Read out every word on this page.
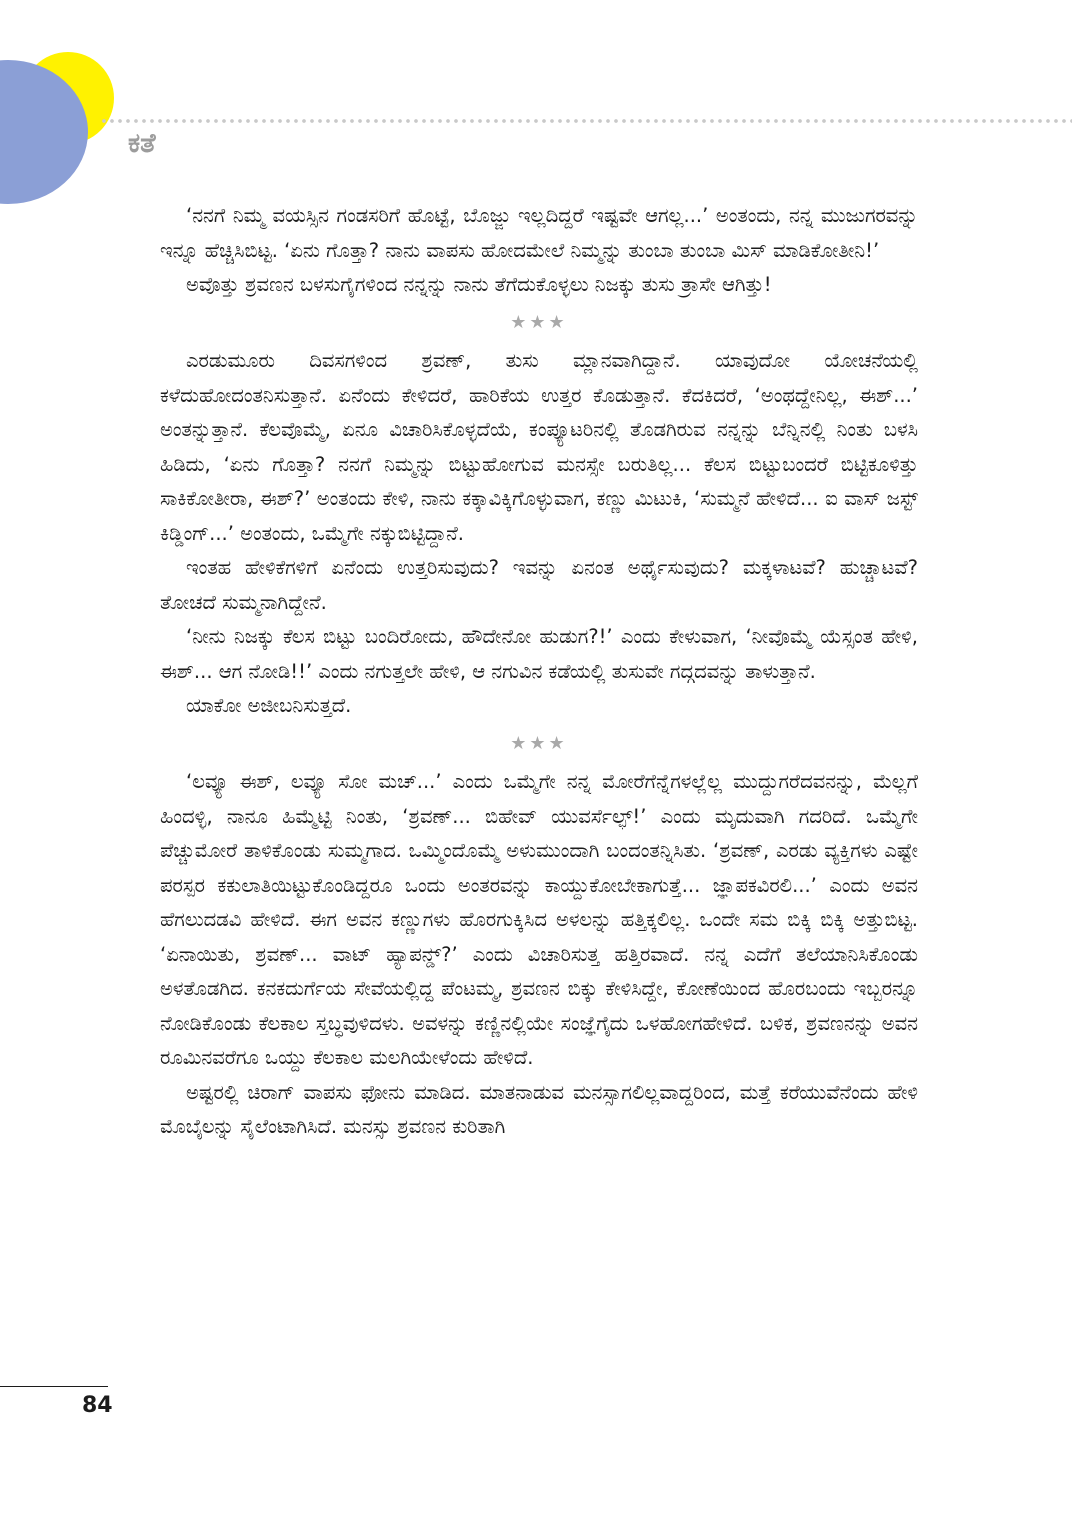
ಕತೆ

‘ನನಗೆ ನಿಮ್ಮ ವಯಸ್ಸಿನ ಗಂಡಸರಿಗೆ ಹೊಟ್ಟೆ, ಬೊಜ್ಜು ಇಲ್ಲದಿದ್ದರೆ ಇಷ್ಟವೇ ಆಗಲ್ಲ...’ ಅಂತಂದು, ನನ್ನ ಮುಜುಗರವನ್ನು ಇನ್ನೂ ಹೆಚ್ಚಿಸಿಬಿಟ್ಟ. ‘ಏನು ಗೊತ್ತಾ? ನಾನು ವಾಪಸು ಹೋದಮೇಲೆ ನಿಮ್ಮನ್ನು ತುಂಬಾ ತುಂಬಾ ಮಿಸ್ ಮಾಡಿಕೋತೀನಿ!’

ಅವೊತ್ತು ಶ್ರವಣನ ಬಳಸುಗೈಗಳಿಂದ ನನ್ನನ್ನು ನಾನು ತೆಗೆದುಕೊಳ್ಳಲು ನಿಜಕ್ಕು ತುಸು ತ್ರಾಸೇ ಆಗಿತ್ತು!

★★★

ಎರಡುಮೂರು ದಿವಸಗಳಿಂದ ಶ್ರವಣ್, ತುಸು ಮ್ಲಾನವಾಗಿದ್ದಾನೆ. ಯಾವುದೋ ಯೋಚನೆಯಲ್ಲಿ ಕಳೆದುಹೋದಂತನಿಸುತ್ತಾನೆ. ಏನೆಂದು ಕೇಳಿದರೆ, ಹಾರಿಕೆಯ ಉತ್ತರ ಕೊಡುತ್ತಾನೆ. ಕೆದಕಿದರೆ, ‘ಅಂಥದ್ದೇನಿಲ್ಲ, ಈಶ್...’ ಅಂತನ್ನುತ್ತಾನೆ. ಕೆಲವೊಮ್ಮೆ, ಏನೂ ವಿಚಾರಿಸಿಕೊಳ್ಳದೆಯೆ, ಕಂಪ್ಯೂಟರಿನಲ್ಲಿ ತೊಡಗಿರುವ ನನ್ನನ್ನು ಬೆನ್ನಿನಲ್ಲಿ ನಿಂತು ಬಳಸಿ ಹಿಡಿದು, ‘ಏನು ಗೊತ್ತಾ? ನನಗೆ ನಿಮ್ಮನ್ನು ಬಿಟ್ಟುಹೋಗುವ ಮನಸ್ಸೇ ಬರುತಿಲ್ಲ... ಕೆಲಸ ಬಿಟ್ಟುಬಂದರೆ ಬಿಟ್ಟಿಕೂಳಿತ್ತು ಸಾಕಿಕೋತೀರಾ, ಈಶ್?’ ಅಂತಂದು ಕೇಳಿ, ನಾನು ಕಕ್ಕಾವಿಕ್ಕಿಗೊಳ್ಳುವಾಗ, ಕಣ್ಣು ಮಿಟುಕಿ, ‘ಸುಮ್ಮನೆ ಹೇಳಿದೆ... ಐ ವಾಸ್ ಜಸ್ಟ್ ಕಿಡ್ಡಿಂಗ್...’ ಅಂತಂದು, ಒಮ್ಮೆಗೇ ನಕ್ಕುಬಿಟ್ಟಿದ್ದಾನೆ.

ಇಂತಹ ಹೇಳಿಕೆಗಳಿಗೆ ಏನೆಂದು ಉತ್ತರಿಸುವುದು? ಇವನ್ನು ಏನಂತ ಅರ್ಥೈಸುವುದು? ಮಕ್ಕಳಾಟವೆ? ಹುಚ್ಚಾಟವೆ? ತೋಚದೆ ಸುಮ್ಮನಾಗಿದ್ದೇನೆ.

‘ನೀನು ನಿಜಕ್ಕು ಕೆಲಸ ಬಿಟ್ಟು ಬಂದಿರೋದು, ಹೌದೇನೋ ಹುಡುಗ?!’ ಎಂದು ಕೇಳುವಾಗ, ‘ನೀವೊಮ್ಮೆ ಯೆಸ್ಸಂತ ಹೇಳಿ, ಈಶ್... ಆಗ ನೋಡಿ!!’ ಎಂದು ನಗುತ್ತಲೇ ಹೇಳಿ, ಆ ನಗುವಿನ ಕಡೆಯಲ್ಲಿ ತುಸುವೇ ಗದ್ಗದವನ್ನು ತಾಳುತ್ತಾನೆ.

ಯಾಕೋ ಅಜೀಬನಿಸುತ್ತದೆ.

★★★

‘ಲವ್ಯೂ ಈಶ್, ಲವ್ಯೂ ಸೋ ಮಚ್...’ ಎಂದು ಒಮ್ಮೆಗೇ ನನ್ನ ಮೋರೆಗೆನ್ನೆಗಳಲ್ಲೆಲ್ಲ ಮುದ್ದುಗರೆದವನನ್ನು, ಮೆಲ್ಲಗೆ ಹಿಂದಳ್ಳಿ, ನಾನೂ ಹಿಮ್ಮೆಟ್ಟಿ ನಿಂತು, ‘ಶ್ರವಣ್... ಬಿಹೇವ್ ಯುವರ್ಸೆಲ್ಫ್!’ ಎಂದು ಮೃದುವಾಗಿ ಗದರಿದೆ. ಒಮ್ಮೆಗೇ ಪೆಚ್ಚುಮೋರೆ ತಾಳಿಕೊಂಡು ಸುಮ್ಮಗಾದ. ಒಮ್ಮಿಂದೊಮ್ಮೆ ಅಳುಮುಂದಾಗಿ ಬಂದಂತನ್ನಿಸಿತು. ‘ಶ್ರವಣ್, ಎರಡು ವ್ಯಕ್ತಿಗಳು ಎಷ್ಟೇ ಪರಸ್ಪರ ಕಕುಲಾತಿಯಿಟ್ಟುಕೊಂಡಿದ್ದರೂ ಒಂದು ಅಂತರವನ್ನು ಕಾಯ್ದುಕೋಬೇಕಾಗುತ್ತೆ... ಜ್ಞಾಪಕವಿರಲಿ...’ ಎಂದು ಅವನ ಹೆಗಲುದಡವಿ ಹೇಳಿದೆ. ಈಗ ಅವನ ಕಣ್ಣುಗಳು ಹೊರಗುಕ್ಕಿಸಿದ ಅಳಲನ್ನು ಹತ್ತಿಕ್ಕಲಿಲ್ಲ. ಒಂದೇ ಸಮ ಬಿಕ್ಕಿ ಬಿಕ್ಕಿ ಅತ್ತುಬಿಟ್ಟ. ‘ಏನಾಯಿತು, ಶ್ರವಣ್... ವಾಟ್ ಹ್ಯಾಪನ್ಡ್?’ ಎಂದು ವಿಚಾರಿಸುತ್ತ ಹತ್ತಿರವಾದೆ. ನನ್ನ ಎದೆಗೆ ತಲೆಯಾನಿಸಿಕೊಂಡು ಅಳತೊಡಗಿದ. ಕನಕದುರ್ಗೆಯ ಸೇವೆಯಲ್ಲಿದ್ದ ಪೆಂಟಮ್ಮ, ಶ್ರವಣನ ಬಿಕ್ಕು ಕೇಳಿಸಿದ್ದೇ, ಕೋಣೆಯಿಂದ ಹೊರಬಂದು ಇಬ್ಬರನ್ನೂ ನೋಡಿಕೊಂಡು ಕೆಲಕಾಲ ಸ್ತಬ್ಧವುಳಿದಳು. ಅವಳನ್ನು ಕಣ್ಣಿನಲ್ಲಿಯೇ ಸಂಜ್ಞೆಗೈದು ಒಳಹೋಗಹೇಳಿದೆ. ಬಳಿಕ, ಶ್ರವಣನನ್ನು ಅವನ ರೂಮಿನವರೆಗೂ ಒಯ್ದು ಕೆಲಕಾಲ ಮಲಗಿಯೇಳೆಂದು ಹೇಳಿದೆ.

ಅಷ್ಟರಲ್ಲಿ ಚಿರಾಗ್ ವಾಪಸು ಫೋನು ಮಾಡಿದ. ಮಾತನಾಡುವ ಮನಸ್ಸಾಗಲಿಲ್ಲವಾದ್ದರಿಂದ, ಮತ್ತೆ ಕರೆಯುವೆನೆಂದು ಹೇಳಿ ಮೊಬೈಲನ್ನು ಸೈಲೆಂಟಾಗಿಸಿದೆ. ಮನಸ್ಸು ಶ್ರವಣನ ಕುರಿತಾಗಿ

84
